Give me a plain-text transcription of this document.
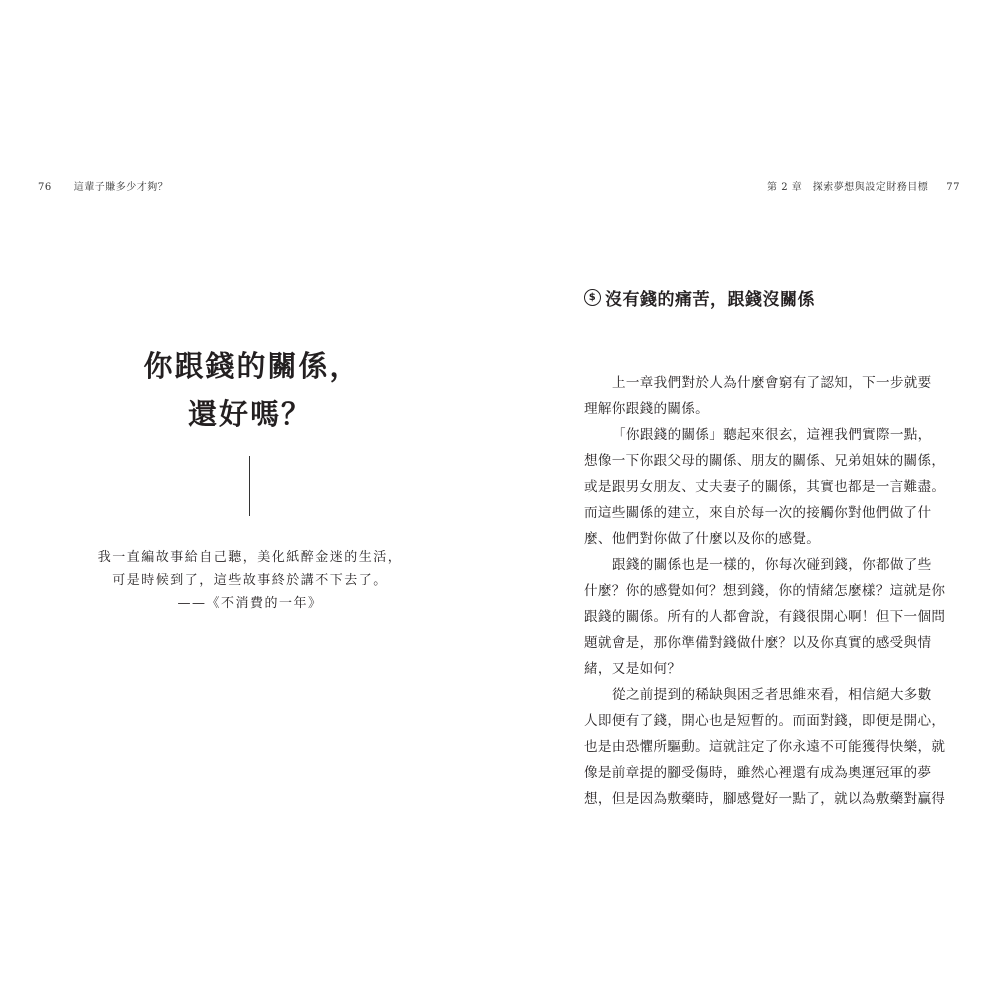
76 這輩子賺多少才夠？
你跟錢的關係，
還好嗎？
我一直編故事給自己聽，美化紙醉金迷的生活，
可是時候到了，這些故事終於講不下去了。
——《不消費的一年》
第 2 章　探索夢想與設定財務目標 77
$ 沒有錢的痛苦，跟錢沒關係
上一章我們對於人為什麼會窮有了認知，下一步就要
理解你跟錢的關係。
「你跟錢的關係」聽起來很玄，這裡我們實際一點，
想像一下你跟父母的關係、朋友的關係、兄弟姐妹的關係，
或是跟男女朋友、丈夫妻子的關係，其實也都是一言難盡。
而這些關係的建立，來自於每一次的接觸你對他們做了什
麼、他們對你做了什麼以及你的感覺。
跟錢的關係也是一樣的，你每次碰到錢，你都做了些
什麼？你的感覺如何？想到錢，你的情緒怎麼樣？這就是你
跟錢的關係。所有的人都會說，有錢很開心啊！但下一個問
題就會是，那你準備對錢做什麼？以及你真實的感受與情
緒，又是如何？
從之前提到的稀缺與困乏者思維來看，相信絕大多數
人即便有了錢，開心也是短暫的。而面對錢，即便是開心，
也是由恐懼所驅動。這就註定了你永遠不可能獲得快樂，就
像是前章提的腳受傷時，雖然心裡還有成為奧運冠軍的夢
想，但是因為敷藥時，腳感覺好一點了，就以為敷藥對贏得
